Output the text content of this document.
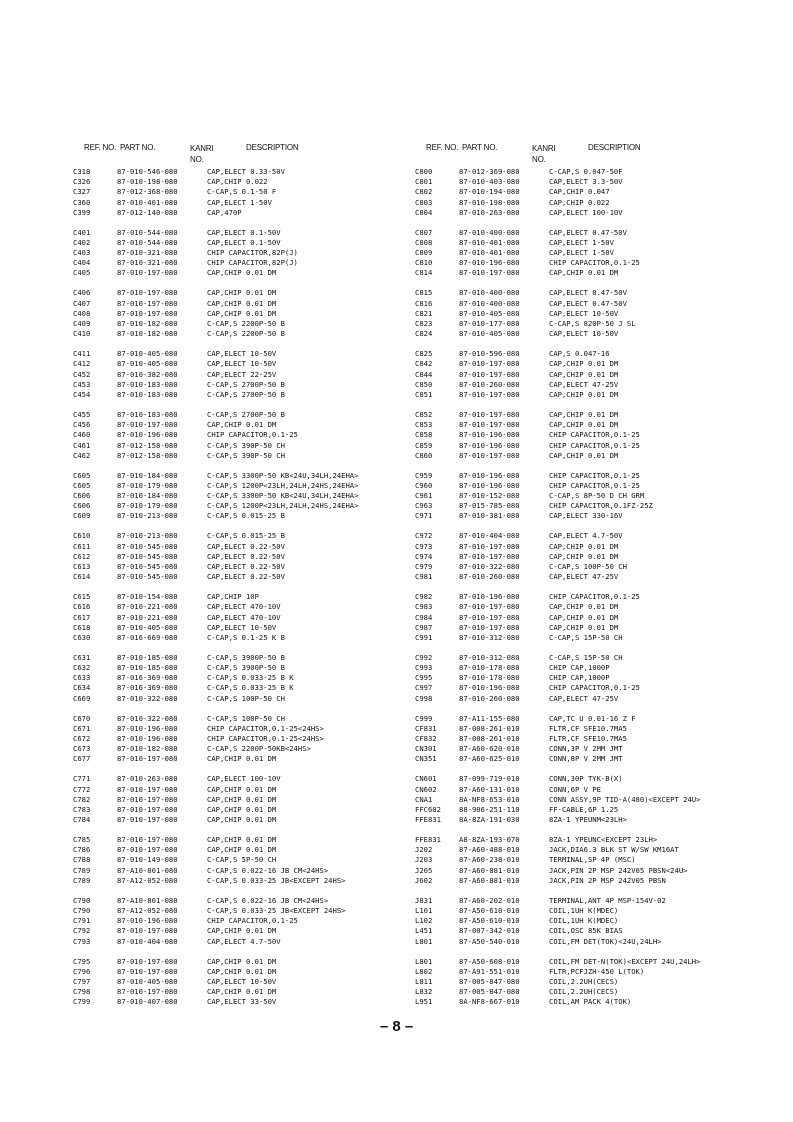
REF. NO. PART NO.	KANRI
NO.
DESCRIPTION
C318	87-010-546-080	CAP,ELECT 0.33-50V
C326	87-010-198-080	CAP,CHIP 0.022
C327	87-012-368-080	C-CAP,S 0.1-50 F
C360	87-010-401-080	CAP,ELECT 1-50V
C399	87-012-140-080	CAP,470P
C401	87-010-544-080	CAP,ELECT 0.1-50V
C402	87-010-544-080	CAP,ELECT 0.1-50V
C403	87-010-321-080	CHIP CAPACITOR,82P(J)
C404	87-010-321-080	CHIP CAPACITOR,82P(J)
C405	87-010-197-080	CAP,CHIP 0.01 DM
C406	87-010-197-080	CAP,CHIP 0.01 DM
C407	87-010-197-080	CAP,CHIP 0.01 DM
C408	87-010-197-080	CAP,CHIP 0.01 DM
C409	87-010-182-080	C-CAP,S 2200P-50 B
C410	87-010-182-080	C-CAP,S 2200P-50 B
C411	87-010-405-080	CAP,ELECT 10-50V
C412	87-010-405-080	CAP,ELECT 10-50V
C452	87-010-382-080	CAP,ELECT 22-25V
C453	87-010-183-080	C-CAP,S 2700P-50 B
C454	87-010-183-080	C-CAP,S 2700P-50 B
C455	87-010-183-080	C-CAP,S 2700P-50 B
C456	87-010-197-080	CAP,CHIP 0.01 DM
C460	87-010-196-080	CHIP CAPACITOR,0.1-25
C461	87-012-158-080	C-CAP,S 390P-50 CH
C462	87-012-158-080	C-CAP,S 390P-50 CH
C605	87-010-184-080	C-CAP,S 3300P-50 KB<24U,34LH,24EHA>
C605	87-010-179-080	C-CAP,S 1200P<23LH,24LH,24HS,24EHA>
C606	87-010-184-080	C-CAP,S 3300P-50 KB<24U,34LH,24EHA>
C606	87-010-179-080	C-CAP,S 1200P<23LH,24LH,24HS,24EHA>
C609	87-010-213-080	C-CAP,S 0.015-25 B
C610	87-010-213-080	C-CAP,S 0.015-25 B
C611	87-010-545-080	CAP,ELECT 0.22-50V
C612	87-010-545-080	CAP,ELECT 0.22-50V
C613	87-010-545-080	CAP,ELECT 0.22-50V
C614	87-010-545-080	CAP,ELECT 0.22-50V
C615	87-010-154-080	CAP,CHIP 10P
C616	87-010-221-080	CAP,ELECT 470-10V
C617	87-010-221-080	CAP,ELECT 470-10V
C618	87-010-405-080	CAP,ELECT 10-50V
C630	87-016-669-080	C-CAP,S 0.1-25 K B
C631	87-010-185-080	C-CAP,S 3900P-50 B
C632	87-010-185-080	C-CAP,S 3900P-50 B
C633	87-016-369-080	C-CAP,S 0.033-25 B K
C634	87-016-369-080	C-CAP,S 0.033-25 B K
C669	87-010-322-080	C-CAP,S 100P-50 CH
C670	87-010-322-080	C-CAP,S 100P-50 CH
C671	87-010-196-080	CHIP CAPACITOR,0.1-25<24HS>
C672	87-010-196-080	CHIP CAPACITOR,0.1-25<24HS>
C673	87-010-182-080	C-CAP,S 2200P-50KB<24HS>
C677	87-010-197-080	CAP,CHIP 0.01 DM
C771	87-010-263-080	CAP,ELECT 100-10V
C772	87-010-197-080	CAP,CHIP 0.01 DM
C782	87-010-197-080	CAP,CHIP 0.01 DM
C783	87-010-197-080	CAP,CHIP 0.01 DM
C784	87-010-197-080	CAP,CHIP 0.01 DM
C785	87-010-197-080	CAP,CHIP 0.01 DM
C786	87-010-197-080	CAP,CHIP 0.01 DM
C788	87-010-149-080	C-CAP,S 5P-50 CH
C789	87-A10-801-080	C-CAP,S 0.022-16 JB CM<24HS>
C789	87-A12-052-080	C-CAP,S 0.033-25 JB<EXCEPT 24HS>
C790	87-A10-801-080	C-CAP,S 0.022-16 JB CM<24HS>
C790	87-A12-052-080	C-CAP,S 0.033-25 JB<EXCEPT 24HS>
C791	87-010-196-080	CHIP CAPACITOR,0.1-25
C792	87-010-197-080	CAP,CHIP 0.01 DM
C793	87-010-404-080	CAP,ELECT 4.7-50V
C795	87-010-197-080	CAP,CHIP 0.01 DM
C796	87-010-197-080	CAP,CHIP 0.01 DM
C797	87-010-405-080	CAP,ELECT 10-50V
C798	87-010-197-080	CAP,CHIP 0.01 DM
C799	87-010-407-080	CAP,ELECT 33-50V
REF. NO. PART NO.	KANRI
NO.
DESCRIPTION
C800	87-012-369-080	C-CAP,S 0.047-50F
C801	87-010-403-080	CAP,ELECT 3.3-50V
C802	87-010-194-080	CAP,CHIP 0.047
C803	87-010-198-080	CAP,CHIP 0.022
C804	87-010-263-080	CAP,ELECT 100-10V
C807	87-010-400-080	CAP,ELECT 0.47-50V
C808	87-010-401-080	CAP,ELECT 1-50V
C809	87-010-401-080	CAP,ELECT 1-50V
C810	87-010-196-080	CHIP CAPACITOR,0.1-25
C814	87-010-197-080	CAP,CHIP 0.01 DM
C815	87-010-400-080	CAP,ELECT 0.47-50V
C816	87-010-400-080	CAP,ELECT 0.47-50V
C821	87-010-405-080	CAP,ELECT 10-50V
C823	87-010-177-080	C-CAP,S 820P-50 J SL
C824	87-010-405-080	CAP,ELECT 10-50V
C825	87-010-596-080	CAP,S 0.047-16
C842	87-010-197-080	CAP,CHIP 0.01 DM
C844	87-010-197-080	CAP,CHIP 0.01 DM
C850	87-010-260-080	CAP,ELECT 47-25V
C851	87-010-197-080	CAP,CHIP 0.01 DM
C852	87-010-197-080	CAP,CHIP 0.01 DM
C853	87-010-197-080	CAP,CHIP 0.01 DM
C858	87-010-196-080	CHIP CAPACITOR,0.1-25
C859	87-010-196-080	CHIP CAPACITOR,0.1-25
C860	87-010-197-080	CAP,CHIP 0.01 DM
C959	87-010-196-080	CHIP CAPACITOR,0.1-25
C960	87-010-196-080	CHIP CAPACITOR,0.1-25
C961	87-010-152-080	C-CAP,S 8P-50 D CH GRM
C963	87-015-785-080	CHIP CAPACITOR,0.1FZ-25Z
C971	87-010-381-080	CAP,ELECT 330-16V
C972	87-010-404-080	CAP,ELECT 4.7-50V
C973	87-010-197-080	CAP,CHIP 0.01 DM
C974	87-010-197-080	CAP,CHIP 0.01 DM
C979	87-010-322-080	C-CAP,S 100P-50 CH
C981	87-010-260-080	CAP,ELECT 47-25V
C982	87-010-196-080	CHIP CAPACITOR,0.1-25
C983	87-010-197-080	CAP,CHIP 0.01 DM
C984	87-010-197-080	CAP,CHIP 0.01 DM
C987	87-010-197-080	CAP,CHIP 0.01 DM
C991	87-010-312-080	C-CAP,S 15P-50 CH
C992	87-010-312-080	C-CAP,S 15P-50 CH
C993	87-010-178-080	CHIP CAP,1000P
C995	87-010-178-080	CHIP CAP,1000P
C997	87-010-196-080	CHIP CAPACITOR,0.1-25
C998	87-010-260-080	CAP,ELECT 47-25V
C999	87-A11-155-080	CAP,TC U 0.01-16 Z F
CF831	87-008-261-010	FLTR,CF SFE10.7MA5
CF832	87-008-261-010	FLTR,CF SFE10.7MA5
CN301	87-A60-620-010	CONN,3P V 2MM JMT
CN351	87-A60-625-010	CONN,8P V 2MM JMT
CN601	87-099-719-010	CONN,30P TYK-B(X)
CN602	87-A60-131-010	CONN,6P V PE
CNA1	8A-NF8-653-010	CONN ASSY,9P TID-A(480)<EXCEPT 24U>
FFC602	88-906-251-110	FF-CABLE,6P 1.25
FFE831	8A-8ZA-191-030	8ZA-1 YPEUNM<23LH>
FFE831	A8-8ZA-193-070	8ZA-1 YPEUNC<EXCEPT 23LH>
J202	87-A60-488-010	JACK,DIA6.3 BLK ST W/SW KM16AT
J203	87-A60-238-010	TERMINAL,SP 4P (MSC)
J205	87-A60-881-010	JACK,PIN 2P MSP 242V05 PBSN<24U>
J602	87-A60-881-010	JACK,PIN 2P MSP 242V05 PBSN
J831	87-A60-202-010	TERMINAL,ANT 4P MSP-154V-02
L101	87-A50-610-010	COIL,1UH K(MDEC)
L102	87-A50-610-010	COIL,1UH K(MDEC)
L451	87-007-342-010	COIL,OSC 85K BIAS
L801	87-A50-540-010	COIL,FM DET(TOK)<24U,24LH>
L801	87-A50-608-010	COIL,FM DET-N(TOK)<EXCEPT 24U,24LH>
L802	87-A91-551-010	FLTR,PCFJZH-450 L(TOK)
L811	87-005-847-080	COIL,2.2UH(CECS)
L832	87-005-847-080	COIL,2.2UH(CECS)
L951	8A-NF8-667-010	COIL,AM PACK 4(TOK)
– 8 –
